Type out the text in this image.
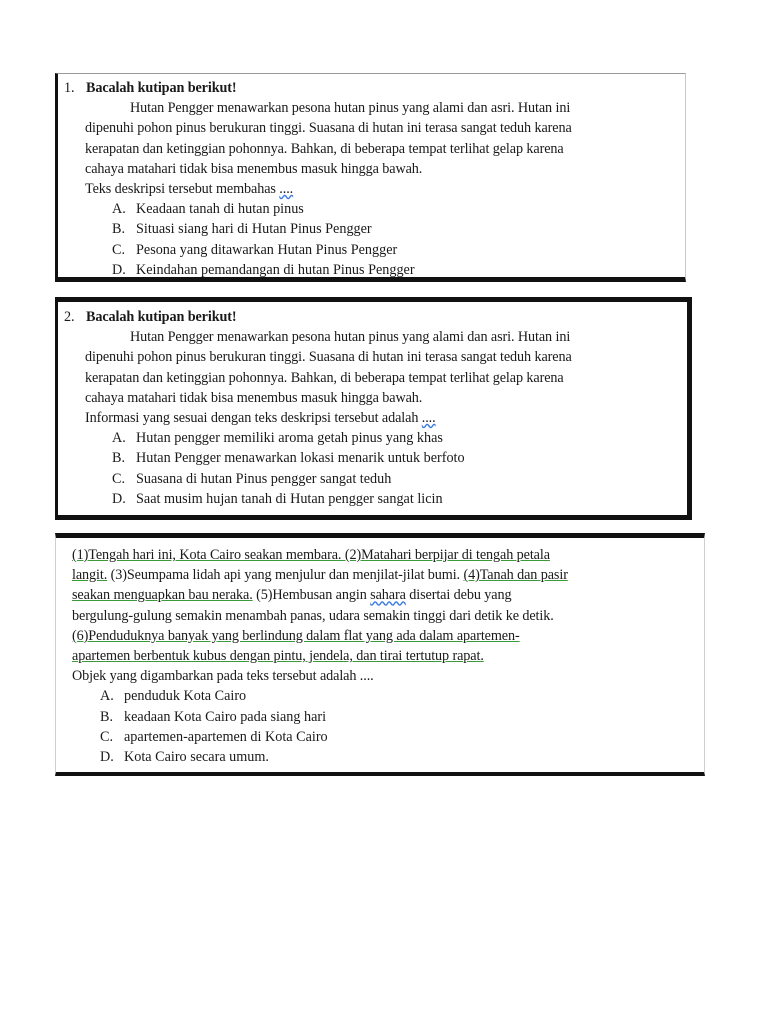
1. Bacalah kutipan berikut!
Hutan Pengger menawarkan pesona hutan pinus yang alami dan asri. Hutan ini
dipenuhi pohon pinus berukuran tinggi. Suasana di hutan ini terasa sangat teduh karena
kerapatan dan ketinggian pohonnya. Bahkan, di beberapa tempat terlihat gelap karena
cahaya matahari tidak bisa menembus masuk hingga bawah.
Teks deskripsi tersebut membahas ....
A. Keadaan tanah di hutan pinus
B. Situasi siang hari di Hutan Pinus Pengger
C. Pesona yang ditawarkan Hutan Pinus Pengger
D. Keindahan pemandangan di hutan Pinus Pengger
2. Bacalah kutipan berikut!
Hutan Pengger menawarkan pesona hutan pinus yang alami dan asri. Hutan ini
dipenuhi pohon pinus berukuran tinggi. Suasana di hutan ini terasa sangat teduh karena
kerapatan dan ketinggian pohonnya. Bahkan, di beberapa tempat terlihat gelap karena
cahaya matahari tidak bisa menembus masuk hingga bawah.
Informasi yang sesuai dengan teks deskripsi tersebut adalah ....
A. Hutan pengger memiliki aroma getah pinus yang khas
B. Hutan Pengger menawarkan lokasi menarik untuk berfoto
C. Suasana di hutan Pinus pengger sangat teduh
D. Saat musim hujan tanah di Hutan pengger sangat licin
(1)Tengah hari ini, Kota Cairo seakan membara. (2)Matahari berpijar di tengah petala
langit. (3)Seumpama lidah api yang menjulur dan menjilat-jilat bumi. (4)Tanah dan pasir
seakan menguapkan bau neraka. (5)Hembusan angin sahara disertai debu yang
bergulung-gulung semakin menambah panas, udara semakin tinggi dari detik ke detik.
(6)Penduduknya banyak yang berlindung dalam flat yang ada dalam apartemen-
apartemen berbentuk kubus dengan pintu, jendela, dan tirai tertutup rapat.
Objek yang digambarkan pada teks tersebut adalah ....
A. penduduk Kota Cairo
B. keadaan Kota Cairo pada siang hari
C. apartemen-apartemen di Kota Cairo
D. Kota Cairo secara umum.
